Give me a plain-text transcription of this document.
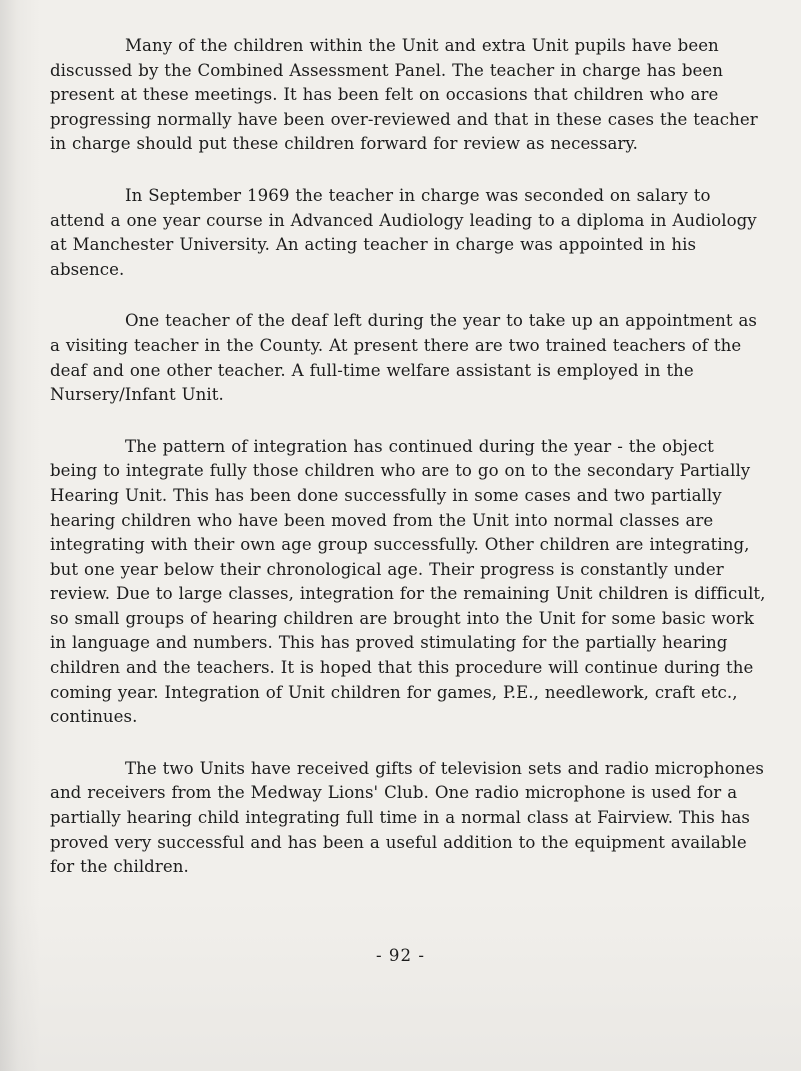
Many of the children within the Unit and extra Unit pupils have been discussed by the Combined Assessment Panel. The teacher in charge has been present at these meetings. It has been felt on occasions that children who are progressing normally have been over-reviewed and that in these cases the teacher in charge should put these children forward for review as necessary.

In September 1969 the teacher in charge was seconded on salary to attend a one year course in Advanced Audiology leading to a diploma in Audiology at Manchester University. An acting teacher in charge was appointed in his absence.

One teacher of the deaf left during the year to take up an appointment as a visiting teacher in the County. At present there are two trained teachers of the deaf and one other teacher. A full-time welfare assistant is employed in the Nursery/Infant Unit.

The pattern of integration has continued during the year - the object being to integrate fully those children who are to go on to the secondary Partially Hearing Unit. This has been done successfully in some cases and two partially hearing children who have been moved from the Unit into normal classes are integrating with their own age group successfully. Other children are integrating, but one year below their chronological age. Their progress is constantly under review. Due to large classes, integration for the remaining Unit children is difficult, so small groups of hearing children are brought into the Unit for some basic work in language and numbers. This has proved stimulating for the partially hearing children and the teachers. It is hoped that this procedure will continue during the coming year. Integration of Unit children for games, P.E., needlework, craft etc., continues.

The two Units have received gifts of television sets and radio microphones and receivers from the Medway Lions' Club. One radio microphone is used for a partially hearing child integrating full time in a normal class at Fairview. This has proved very successful and has been a useful addition to the equipment available for the children.

- 92 -
